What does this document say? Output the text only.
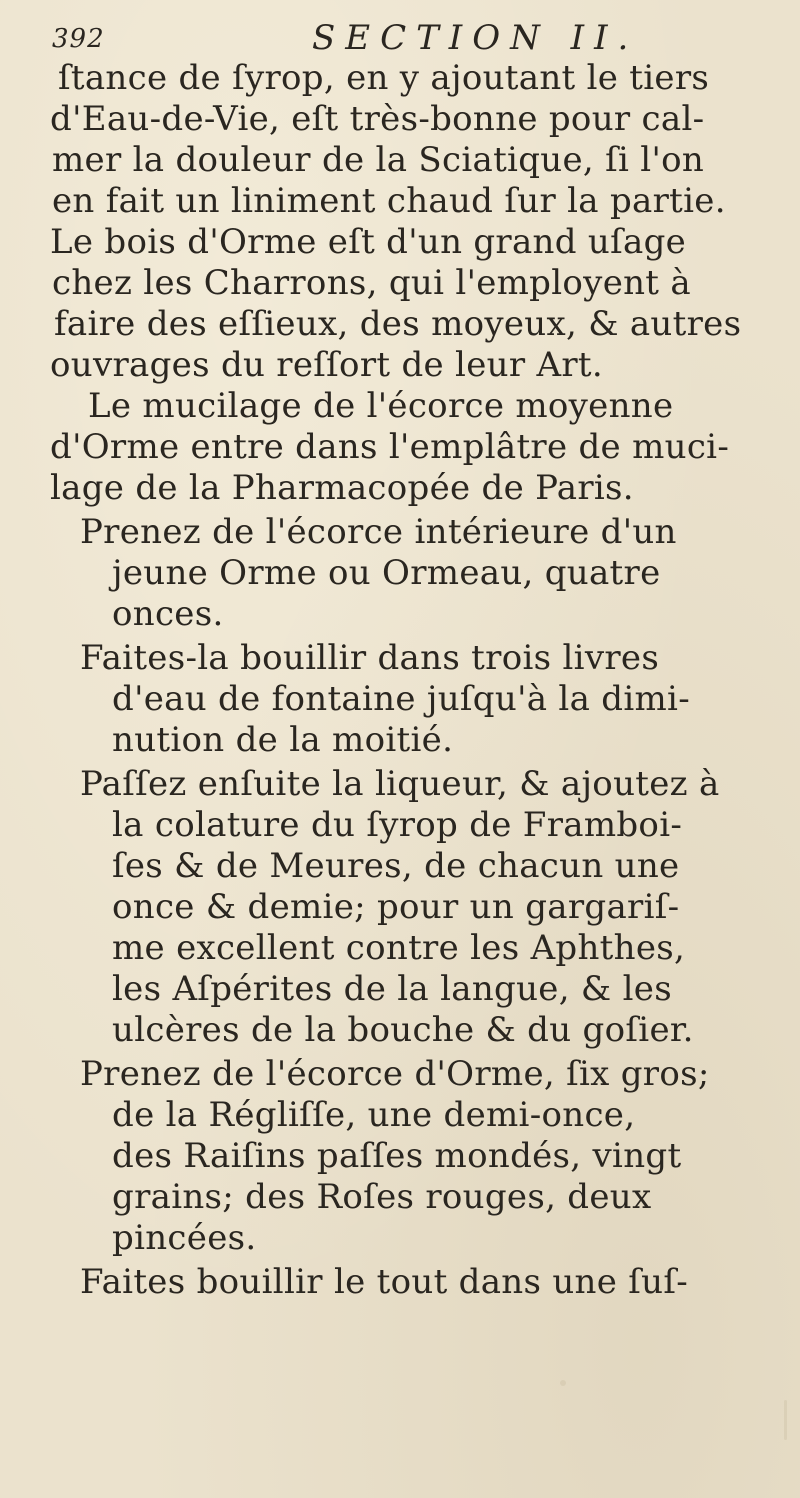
392	SECTION II.
ſtance de ſyrop, en y ajoutant le tiers
d'Eau-de-Vie, eſt très-bonne pour cal-
mer la douleur de la Sciatique, ſi l'on
en fait un liniment chaud ſur la partie.
Le bois d'Orme eſt d'un grand uſage
chez les Charrons, qui l'employent à
faire des eſſieux, des moyeux, & autres
ouvrages du reſſort de leur Art.
Le mucilage de l'écorce moyenne
d'Orme entre dans l'emplâtre de muci-
lage de la Pharmacopée de Paris.
Prenez de l'écorce intérieure d'un
jeune Orme ou Ormeau, quatre
onces.
Faites-la bouillir dans trois livres
d'eau de fontaine juſqu'à la dimi-
nution de la moitié.
Paſſez enſuite la liqueur, & ajoutez à
la colature du ſyrop de Framboi-
ſes & de Meures, de chacun une
once & demie; pour un gargariſ-
me excellent contre les Aphthes,
les Aſpérites de la langue, & les
ulcères de la bouche & du goſier.
Prenez de l'écorce d'Orme, ſix gros;
de la Régliſſe, une demi-once,
des Raiſins paſſes mondés, vingt
grains; des Roſes rouges, deux
pincées.
Faites bouillir le tout dans une ſuſ-
